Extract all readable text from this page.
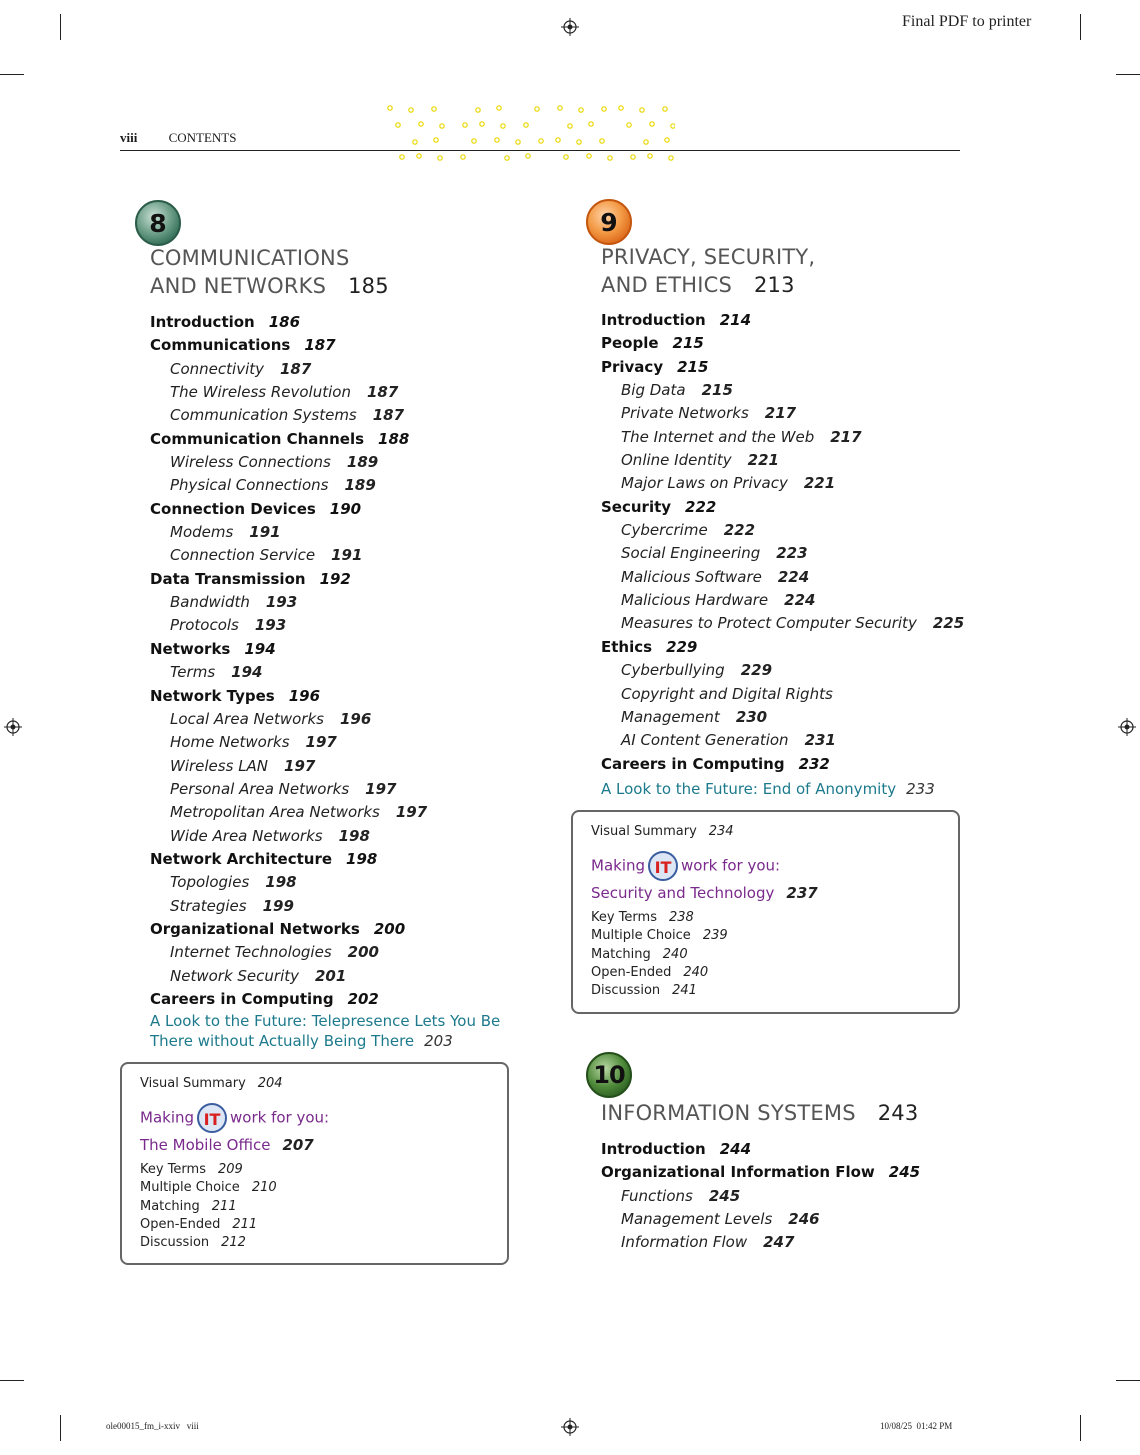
Final PDF to printer
ole00015_fm_i-xxiv   viii	10/08/25  01:42 PM
viii CONTENTS
8
COMMUNICATIONS
AND NETWORKS 185
Introduction 186
Communications 187
Connectivity 187
The Wireless Revolution 187
Communication Systems 187
Communication Channels 188
Wireless Connections 189
Physical Connections 189
Connection Devices 190
Modems 191
Connection Service 191
Data Transmission 192
Bandwidth 193
Protocols 193
Networks 194
Terms 194
Network Types 196
Local Area Networks 196
Home Networks 197
Wireless LAN 197
Personal Area Networks 197
Metropolitan Area Networks 197
Wide Area Networks 198
Network Architecture 198
Topologies 198
Strategies 199
Organizational Networks 200
Internet Technologies 200
Network Security 201
Careers in Computing 202
A Look to the Future: Telepresence Lets You Be
There without Actually Being There 203
Visual Summary 204
Making IT work for you:
The Mobile Office 207
Key Terms 209
Multiple Choice 210
Matching 211
Open-Ended 211
Discussion 212
9
PRIVACY, SECURITY,
AND ETHICS 213
Introduction 214
People 215
Privacy 215
Big Data 215
Private Networks 217
The Internet and the Web 217
Online Identity 221
Major Laws on Privacy 221
Security 222
Cybercrime 222
Social Engineering 223
Malicious Software 224
Malicious Hardware 224
Measures to Protect Computer Security 225
Ethics 229
Cyberbullying 229
Copyright and Digital Rights
Management 230
AI Content Generation 231
Careers in Computing 232
A Look to the Future: End of Anonymity 233
Visual Summary 234
Making IT work for you:
Security and Technology 237
Key Terms 238
Multiple Choice 239
Matching 240
Open-Ended 240
Discussion 241
10
INFORMATION SYSTEMS 243
Introduction 244
Organizational Information Flow 245
Functions 245
Management Levels 246
Information Flow 247
